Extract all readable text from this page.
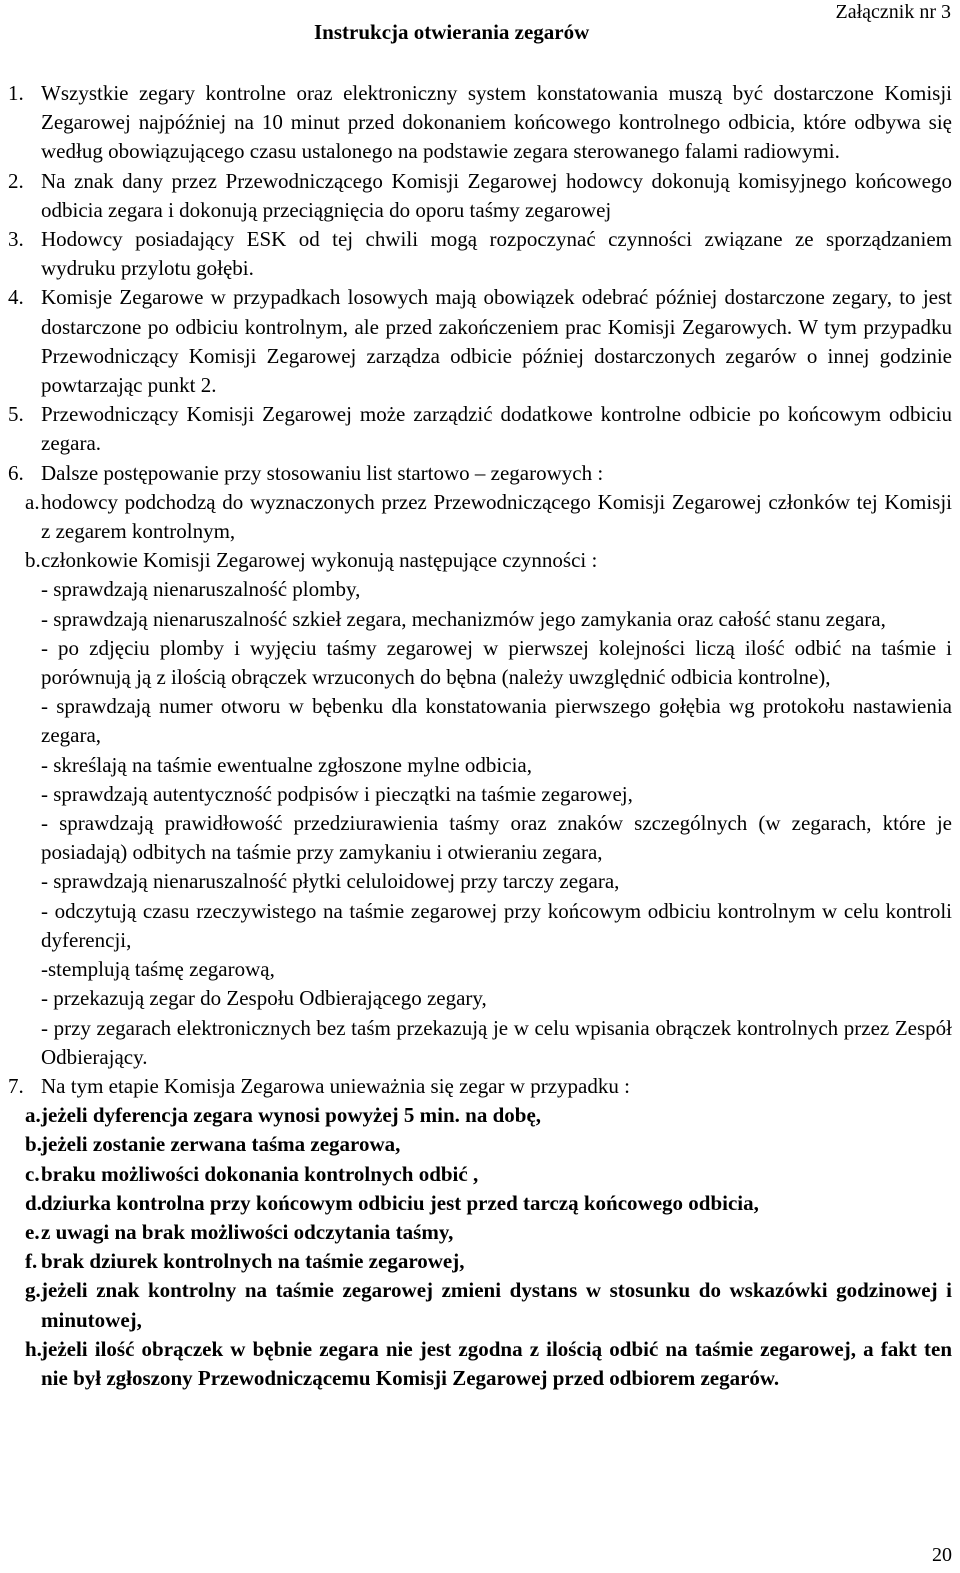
Załącznik nr 3
Instrukcja otwierania zegarów
1. Wszystkie zegary kontrolne oraz elektroniczny system konstatowania muszą być dostarczone Komisji Zegarowej najpóźniej na 10 minut przed dokonaniem końcowego kontrolnego odbicia, które odbywa się według obowiązującego czasu ustalonego na podstawie zegara sterowanego falami radiowymi.
2. Na znak dany przez Przewodniczącego Komisji Zegarowej hodowcy dokonują komisyjnego końcowego odbicia zegara i dokonują przeciągnięcia do oporu taśmy zegarowej
3. Hodowcy posiadający ESK od tej chwili mogą rozpoczynać czynności związane ze sporządzaniem wydruku przylotu gołębi.
4. Komisje Zegarowe w przypadkach losowych mają obowiązek odebrać później dostarczone zegary, to jest dostarczone po odbiciu kontrolnym, ale przed zakończeniem prac Komisji Zegarowych. W tym przypadku Przewodniczący Komisji Zegarowej zarządza odbicie później dostarczonych zegarów o innej godzinie powtarzając punkt 2.
5. Przewodniczący Komisji Zegarowej może zarządzić dodatkowe kontrolne odbicie po końcowym odbiciu zegara.
6. Dalsze postępowanie przy stosowaniu list startowo – zegarowych :
a. hodowcy podchodzą do wyznaczonych przez Przewodniczącego Komisji Zegarowej członków tej Komisji z zegarem kontrolnym,
b. członkowie Komisji Zegarowej wykonują następujące czynności :
- sprawdzają nienaruszalność plomby,
- sprawdzają nienaruszalność szkieł zegara, mechanizmów jego zamykania oraz całość stanu zegara,
- po zdjęciu plomby i wyjęciu taśmy zegarowej w pierwszej kolejności liczą ilość odbić na taśmie i porównują ją z ilością obrączek wrzuconych do bębna (należy uwzględnić odbicia kontrolne),
- sprawdzają numer otworu w bębenku dla konstatowania pierwszego gołębia wg protokołu nastawienia zegara,
- skreślają na taśmie ewentualne zgłoszone mylne odbicia,
- sprawdzają autentyczność podpisów i pieczątki na taśmie zegarowej,
- sprawdzają prawidłowość przedziurawienia taśmy oraz znaków szczególnych (w zegarach, które je posiadają) odbitych na taśmie przy zamykaniu i otwieraniu zegara,
- sprawdzają nienaruszalność płytki celuloidowej przy tarczy zegara,
- odczytują czasu rzeczywistego na taśmie zegarowej przy końcowym odbiciu kontrolnym w celu kontroli dyferencji,
-stemplują taśmę zegarową,
- przekazują zegar do Zespołu Odbierającego zegary,
- przy zegarach elektronicznych bez taśm przekazują je w celu wpisania obrączek kontrolnych przez Zespół Odbierający.
7. Na tym etapie Komisja Zegarowa unieważnia się zegar w przypadku :
a. jeżeli dyferencja zegara wynosi powyżej 5 min. na dobę,
b. jeżeli zostanie zerwana taśma zegarowa,
c. braku możliwości dokonania kontrolnych odbić ,
d. dziurka kontrolna przy końcowym odbiciu jest przed tarczą końcowego odbicia,
e. z uwagi na brak możliwości odczytania taśmy,
f. brak dziurek kontrolnych na taśmie zegarowej,
g. jeżeli znak kontrolny na taśmie zegarowej zmieni dystans w stosunku do wskazówki godzinowej i minutowej,
h. jeżeli ilość obrączek w bębnie zegara nie jest zgodna z ilością odbić na taśmie zegarowej, a fakt ten nie był zgłoszony Przewodniczącemu Komisji Zegarowej przed odbiorem zegarów.
20
